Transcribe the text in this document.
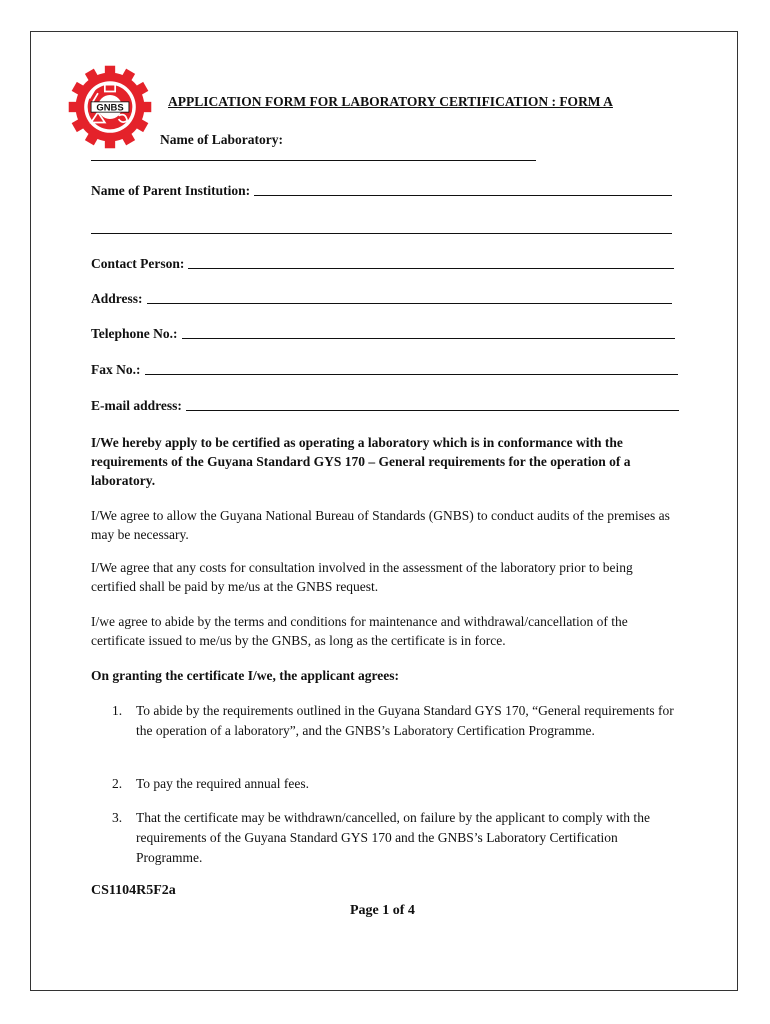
GNBS	APPLICATION FORM FOR LABORATORY CERTIFICATION : FORM A
Name of Laboratory:
Name of Parent Institution:
Contact Person:
Address:
Telephone No.:
Fax No.:
E-mail address:
I/We hereby apply to be certified as operating a laboratory which is in conformance with the requirements of the Guyana Standard GYS 170 – General requirements for the operation of a laboratory.
I/We agree to allow the Guyana National Bureau of Standards (GNBS) to conduct audits of the premises as may be necessary.
I/We agree that any costs for consultation involved in the assessment of the laboratory prior to being certified shall be paid by me/us at the GNBS request.
I/we agree to abide by the terms and conditions for maintenance and withdrawal/cancellation of the certificate issued to me/us by the GNBS, as long as the certificate is in force.
On granting the certificate I/we, the applicant agrees:
1.	To abide by the requirements outlined in the Guyana Standard GYS 170, “General requirements for the operation of a laboratory”, and the GNBS’s Laboratory Certification Programme.
2.	To pay the required annual fees.
3.	That the certificate may be withdrawn/cancelled, on failure by the applicant to comply with the requirements of the Guyana Standard GYS 170 and the GNBS’s Laboratory Certification Programme.
CS1104R5F2a
Page 1 of 4
